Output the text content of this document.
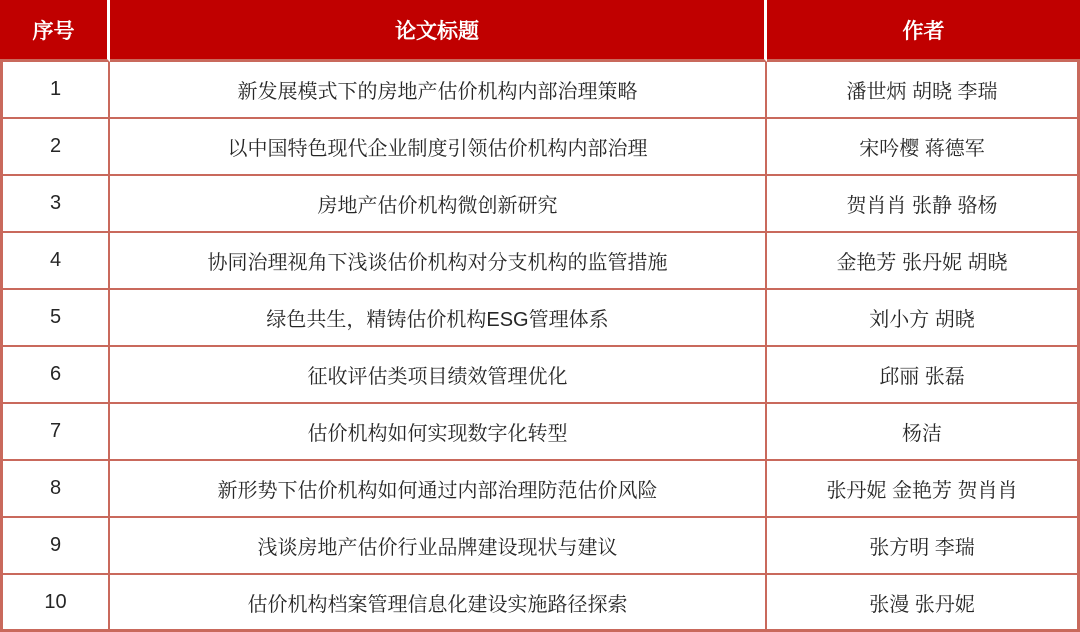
序号	论文标题	作者
1	新发展模式下的房地产估价机构内部治理策略	潘世炳 胡晓 李瑞
2	以中国特色现代企业制度引领估价机构内部治理	宋吟樱 蒋德军
3	房地产估价机构微创新研究	贺肖肖 张静 骆杨
4	协同治理视角下浅谈估价机构对分支机构的监管措施	金艳芳 张丹妮 胡晓
5	绿色共生，精铸估价机构ESG管理体系	刘小方 胡晓
6	征收评估类项目绩效管理优化	邱丽 张磊
7	估价机构如何实现数字化转型	杨洁
8	新形势下估价机构如何通过内部治理防范估价风险	张丹妮 金艳芳 贺肖肖
9	浅谈房地产估价行业品牌建设现状与建议	张方明 李瑞
10	估价机构档案管理信息化建设实施路径探索	张漫 张丹妮
